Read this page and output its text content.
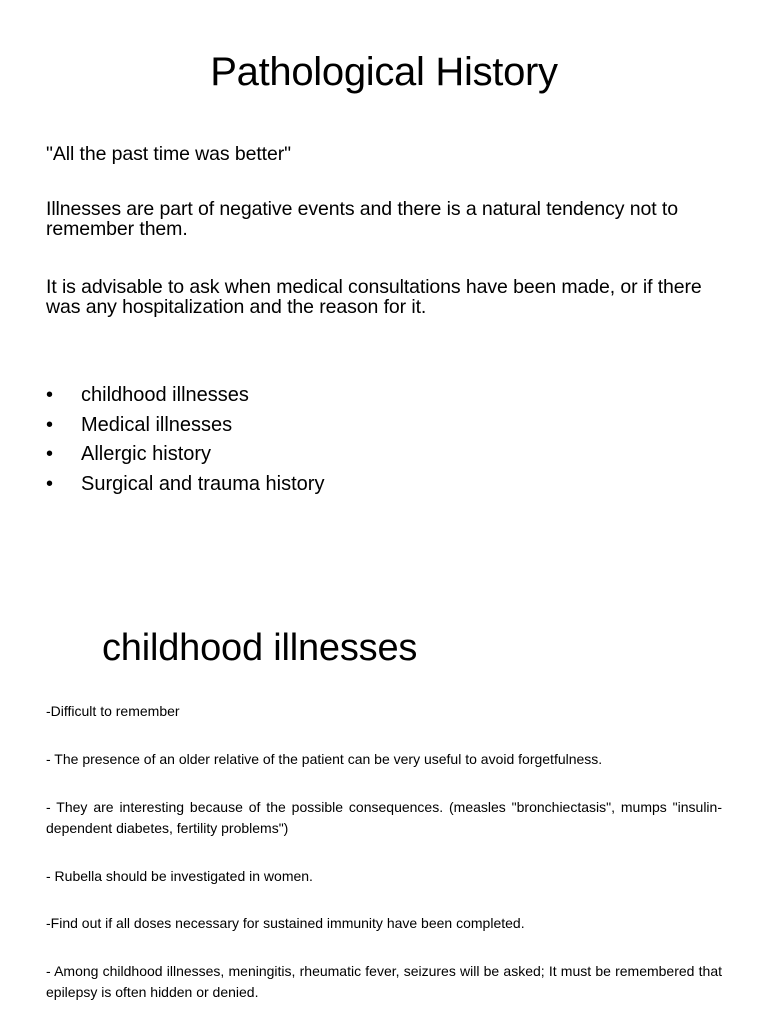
Pathological History
"All the past time was better"
Illnesses are part of negative events and there is a natural tendency not to remember them.
It is advisable to ask when medical consultations have been made, or if there was any hospitalization and the reason for it.
• childhood illnesses
• Medical illnesses
• Allergic history
• Surgical and trauma history
childhood illnesses
-Difficult to remember
- The presence of an older relative of the patient can be very useful to avoid forgetfulness.
- They are interesting because of the possible consequences. (measles "bronchiectasis", mumps "insulin-dependent diabetes, fertility problems")
- Rubella should be investigated in women.
-Find out if all doses necessary for sustained immunity have been completed.
- Among childhood illnesses, meningitis, rheumatic fever, seizures will be asked; It must be remembered that epilepsy is often hidden or denied.
